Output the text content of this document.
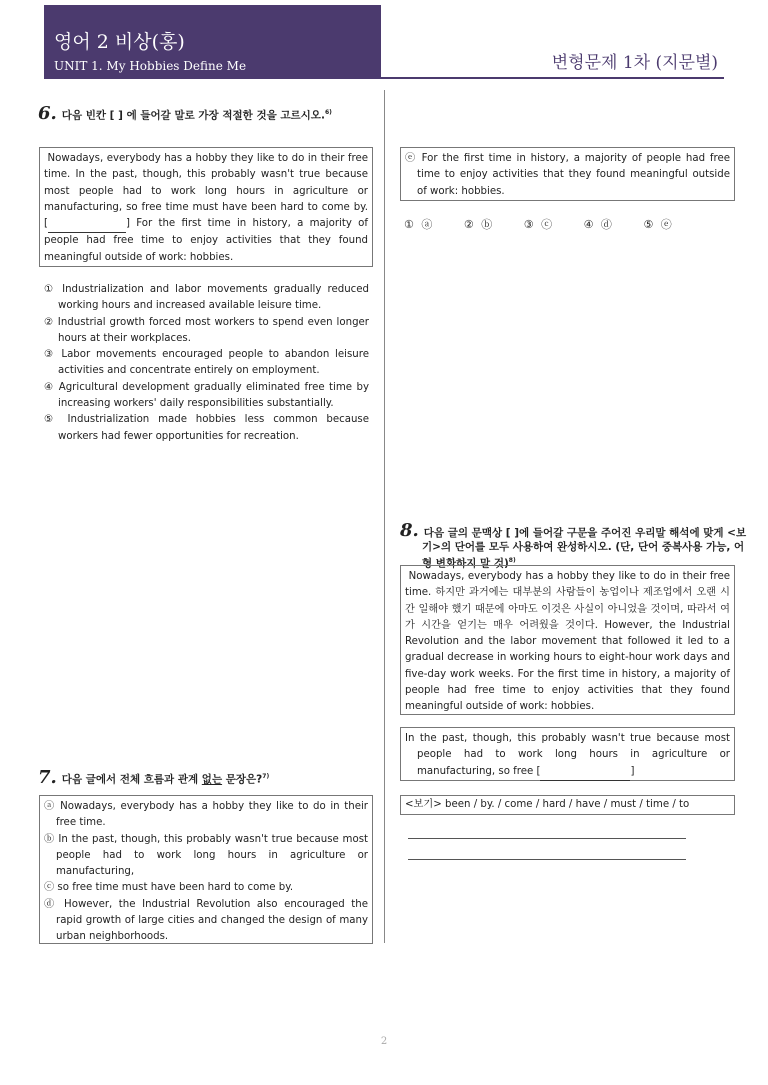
영어 2 비상(홍)
UNIT 1. My Hobbies Define Me	변형문제 1차 (지문별)
6. 다음 빈칸 [ ] 에 들어갈 말로 가장 적절한 것을 고르시오.$^{6)}$
Nowadays, everybody has a hobby they like to do in their free time. In the past, though, this probably wasn't true because most people had to work long hours in agriculture or manufacturing, so free time must have been hard to come by. [	] For the first time in history, a majority of people had free time to enjoy activities that they found meaningful outside of work: hobbies.
① Industrialization and labor movements gradually reduced working hours and increased available leisure time.
② Industrial growth forced most workers to spend even longer hours at their workplaces.
③ Labor movements encouraged people to abandon leisure activities and concentrate entirely on employment.
④ Agricultural development gradually eliminated free time by increasing workers' daily responsibilities substantially.
⑤ Industrialization made hobbies less common because workers had fewer opportunities for recreation.
7. 다음 글에서 전체 흐름과 관계 없는 문장은?$^{7)}$

ⓐ Nowadays, everybody has a hobby they like to do in their free time.

ⓑ In the past, though, this probably wasn't true because most people had to work long hours in agriculture or manufacturing,

ⓒ so free time must have been hard to come by.

ⓓ However, the Industrial Revolution also encouraged the rapid growth of large cities and changed the design of many urban neighborhoods.

ⓔ For the first time in history, a majority of people had free time to enjoy activities that they found meaningful outside of work: hobbies.

① ⓐ	② ⓑ	③ ⓒ	④ ⓓ	⑤ ⓔ
8. 다음 글의 문맥상 [ ]에 들어갈 구문을 주어진 우리말 해석에 맞게 <보기>의 단어를 모두 사용하여 완성하시오. (단, 단어 중복사용 가능, 어형 변화하지 말 것)$^{8)}$
Nowadays, everybody has a hobby they like to do in their free time. 하지만 과거에는 대부분의 사람들이 농업이나 제조업에서 오랜 시간 일해야 했기 때문에 아마도 이것은 사실이 아니었을 것이며, 따라서 여가 시간을 얻기는 매우 어려웠을 것이다. However, the Industrial Revolution and the labor movement that followed it led to a gradual decrease in working hours to eight-hour work days and five-day work weeks. For the first time in history, a majority of people had free time to enjoy activities that they found meaningful outside of work: hobbies.

In the past, though, this probably wasn't true because most people had to work long hours in agriculture or manufacturing, so free [	]

<보기> been / by. / come / hard / have / must / time / to
2
